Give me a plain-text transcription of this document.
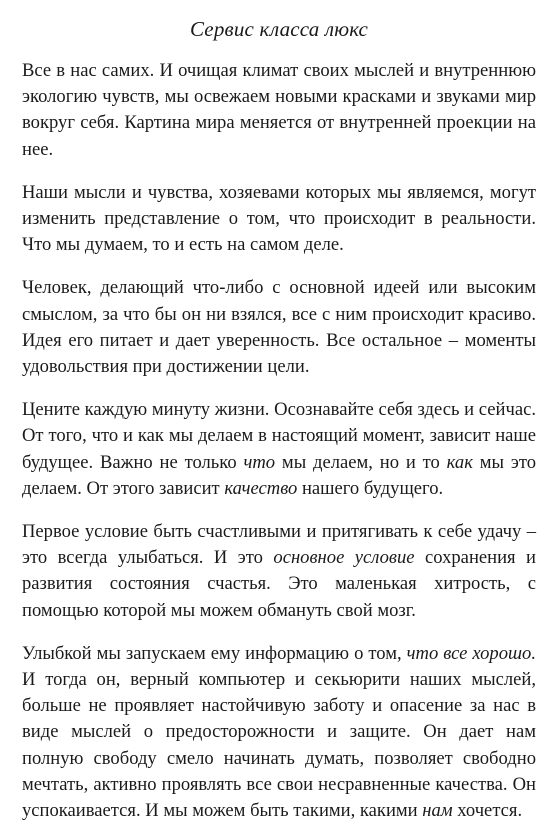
Сервис класса люкс

Все в нас самих. И очищая климат своих мыслей и внутреннюю экологию чувств, мы освежаем новыми красками и звуками мир вокруг себя. Картина мира меняется от внутренней проекции на нее.

Наши мысли и чувства, хозяевами которых мы являемся, могут изменить представление о том, что происходит в реальности. Что мы думаем, то и есть на самом деле.

Человек, делающий что-либо с основной идеей или высоким смыслом, за что бы он ни взялся, все с ним происходит красиво. Идея его питает и дает уверенность. Все остальное – моменты удовольствия при достижении цели.

Цените каждую минуту жизни. Осознавайте себя здесь и сейчас. От того, что и как мы делаем в настоящий момент, зависит наше будущее. Важно не только что мы делаем, но и то как мы это делаем. От этого зависит качество нашего будущего.

Первое условие быть счастливыми и притягивать к себе удачу – это всегда улыбаться. И это основное условие сохранения и развития состояния счастья. Это маленькая хитрость, с помощью которой мы можем обмануть свой мозг.

Улыбкой мы запускаем ему информацию о том, что все хорошо. И тогда он, верный компьютер и секьюрити наших мыслей, больше не проявляет настойчивую заботу и опасение за нас в виде мыслей о предосторожности и защите. Он дает нам полную свободу смело начинать думать, позволяет свободно мечтать, активно проявлять все свои несравненные качества. Он успокаивается. И мы можем быть такими, какими нам хочется.
